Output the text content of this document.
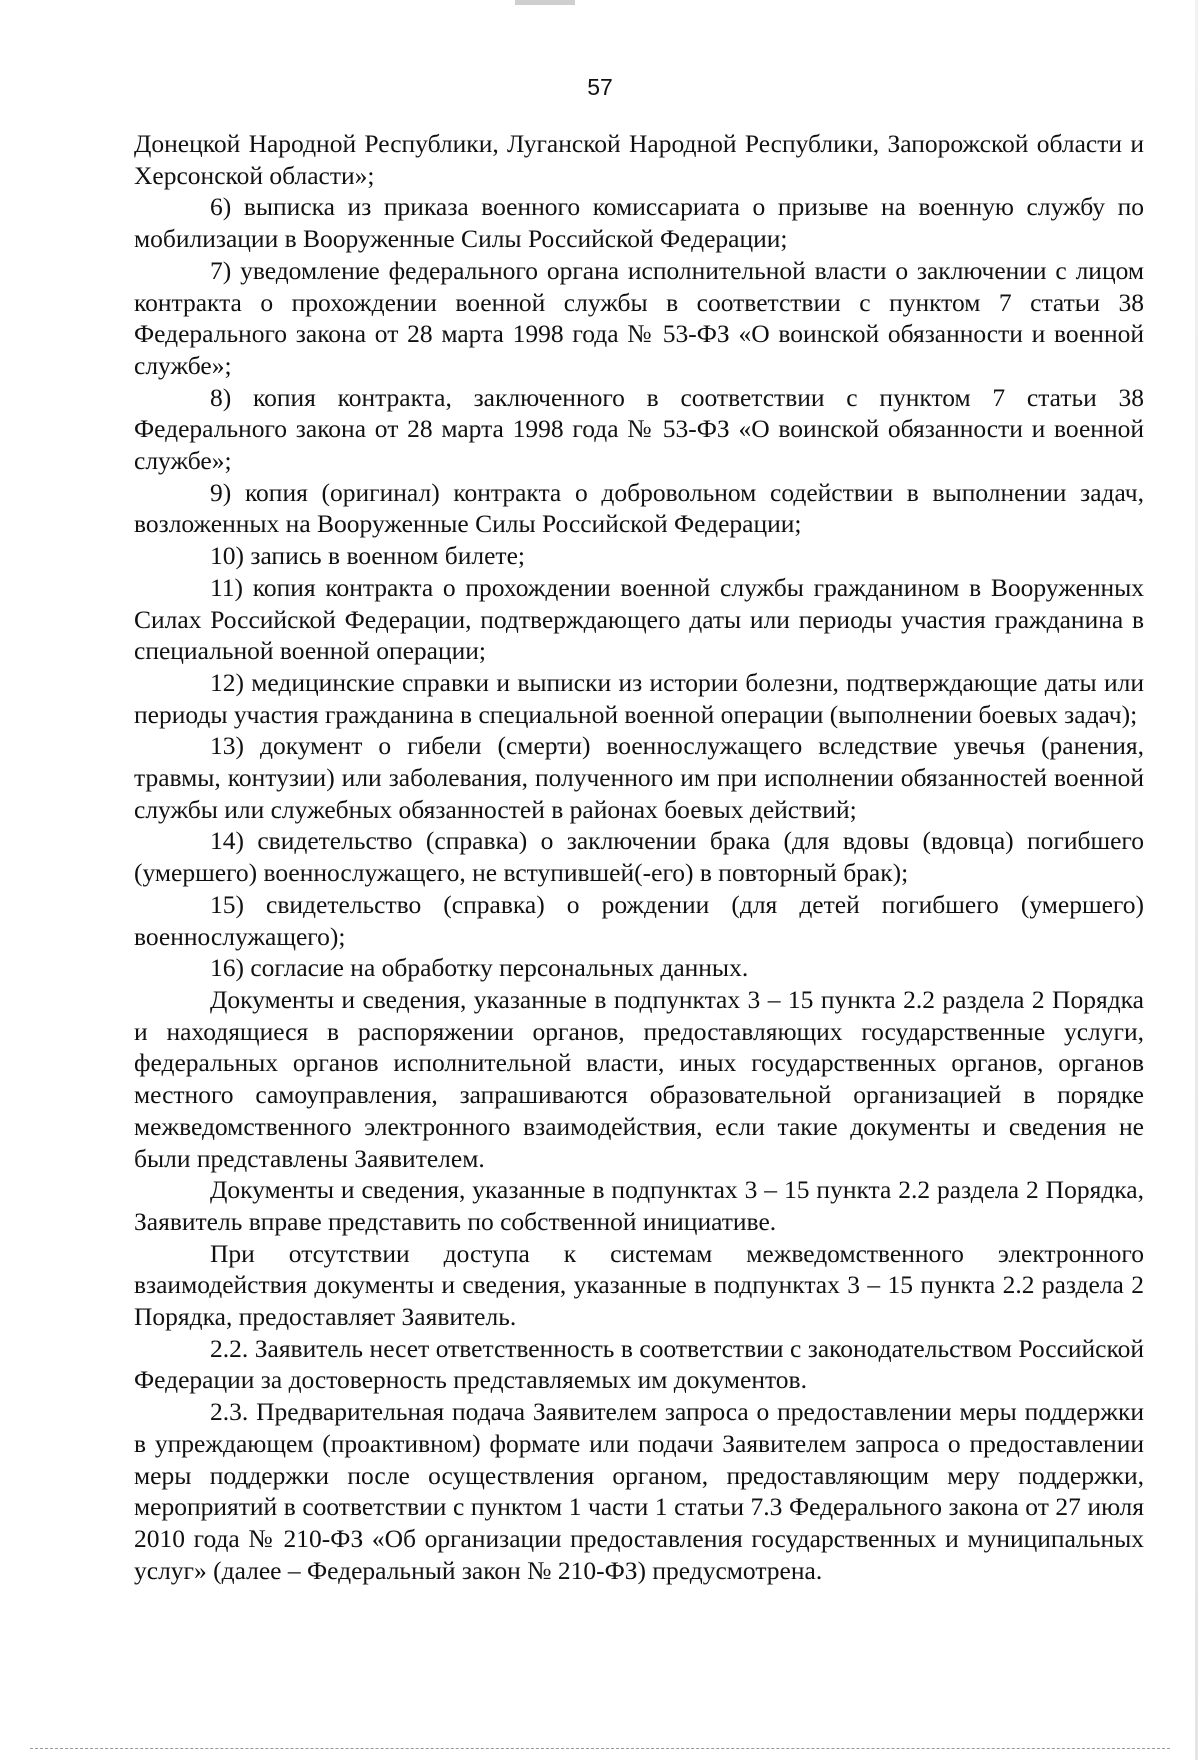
57

Донецкой Народной Республики, Луганской Народной Республики, Запорожской области и Херсонской области»;

6) выписка из приказа военного комиссариата о призыве на военную службу по мобилизации в Вооруженные Силы Российской Федерации;

7) уведомление федерального органа исполнительной власти о заключении с лицом контракта о прохождении военной службы в соответствии с пунктом 7 статьи 38 Федерального закона от 28 марта 1998 года № 53-ФЗ «О воинской обязанности и военной службе»;

8) копия контракта, заключенного в соответствии с пунктом 7 статьи 38 Федерального закона от 28 марта 1998 года № 53-ФЗ «О воинской обязанности и военной службе»;

9) копия (оригинал) контракта о добровольном содействии в выполнении задач, возложенных на Вооруженные Силы Российской Федерации;

10) запись в военном билете;

11) копия контракта о прохождении военной службы гражданином в Вооруженных Силах Российской Федерации, подтверждающего даты или периоды участия гражданина в специальной военной операции;

12) медицинские справки и выписки из истории болезни, подтверждающие даты или периоды участия гражданина в специальной военной операции (выполнении боевых задач);

13) документ о гибели (смерти) военнослужащего вследствие увечья (ранения, травмы, контузии) или заболевания, полученного им при исполнении обязанностей военной службы или служебных обязанностей в районах боевых действий;

14) свидетельство (справка) о заключении брака (для вдовы (вдовца) погибшего (умершего) военнослужащего, не вступившей(-его) в повторный брак);

15) свидетельство (справка) о рождении (для детей погибшего (умершего) военнослужащего);

16) согласие на обработку персональных данных.

Документы и сведения, указанные в подпунктах 3 – 15 пункта 2.2 раздела 2 Порядка и находящиеся в распоряжении органов, предоставляющих государственные услуги, федеральных органов исполнительной власти, иных государственных органов, органов местного самоуправления, запрашиваются образовательной организацией в порядке межведомственного электронного взаимодействия, если такие документы и сведения не были представлены Заявителем.

Документы и сведения, указанные в подпунктах 3 – 15 пункта 2.2 раздела 2 Порядка, Заявитель вправе представить по собственной инициативе.

При отсутствии доступа к системам межведомственного электронного взаимодействия документы и сведения, указанные в подпунктах 3 – 15 пункта 2.2 раздела 2 Порядка, предоставляет Заявитель.

2.2. Заявитель несет ответственность в соответствии с законодательством Российской Федерации за достоверность представляемых им документов.

2.3. Предварительная подача Заявителем запроса о предоставлении меры поддержки в упреждающем (проактивном) формате или подачи Заявителем запроса о предоставлении меры поддержки после осуществления органом, предоставляющим меру поддержки, мероприятий в соответствии с пунктом 1 части 1 статьи 7.3 Федерального закона от 27 июля 2010 года № 210-ФЗ «Об организации предоставления государственных и муниципальных услуг» (далее – Федеральный закон № 210-ФЗ) предусмотрена.
